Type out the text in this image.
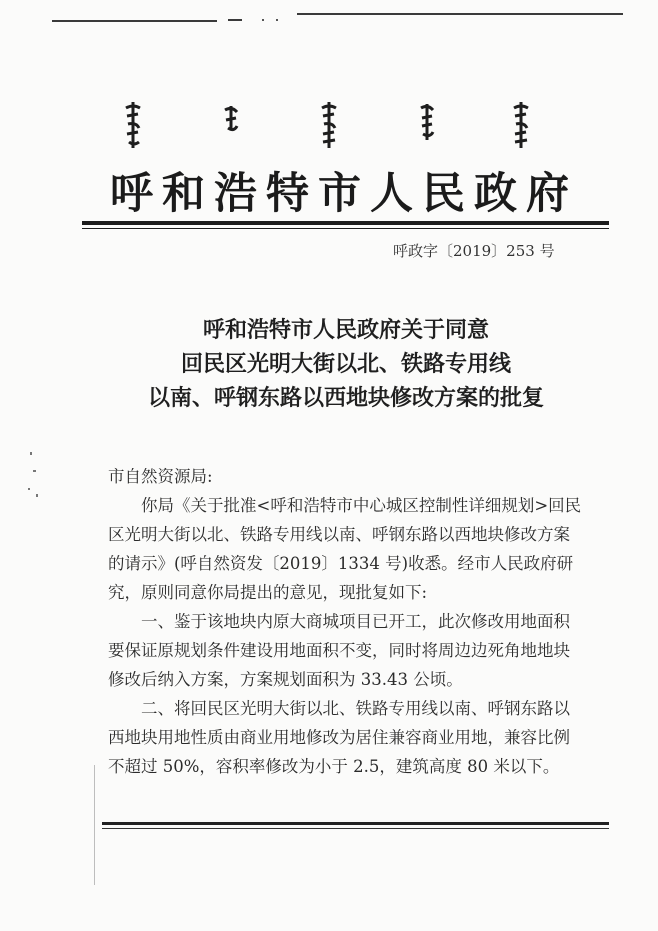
呼和浩特市人民政府
呼政字〔2019〕253 号
呼和浩特市人民政府关于同意
回民区光明大街以北、铁路专用线
以南、呼钢东路以西地块修改方案的批复

市自然资源局:

你局《关于批准<呼和浩特市中心城区控制性详细规划>回民

区光明大街以北、铁路专用线以南、呼钢东路以西地块修改方案

的请示》(呼自然资发〔2019〕1334 号)收悉。经市人民政府研

究，原则同意你局提出的意见，现批复如下:

一、鉴于该地块内原大商城项目已开工，此次修改用地面积

要保证原规划条件建设用地面积不变，同时将周边边死角地地块

修改后纳入方案，方案规划面积为 33.43 公顷。

二、将回民区光明大街以北、铁路专用线以南、呼钢东路以

西地块用地性质由商业用地修改为居住兼容商业用地，兼容比例

不超过 50%，容积率修改为小于 2.5，建筑高度 80 米以下。
